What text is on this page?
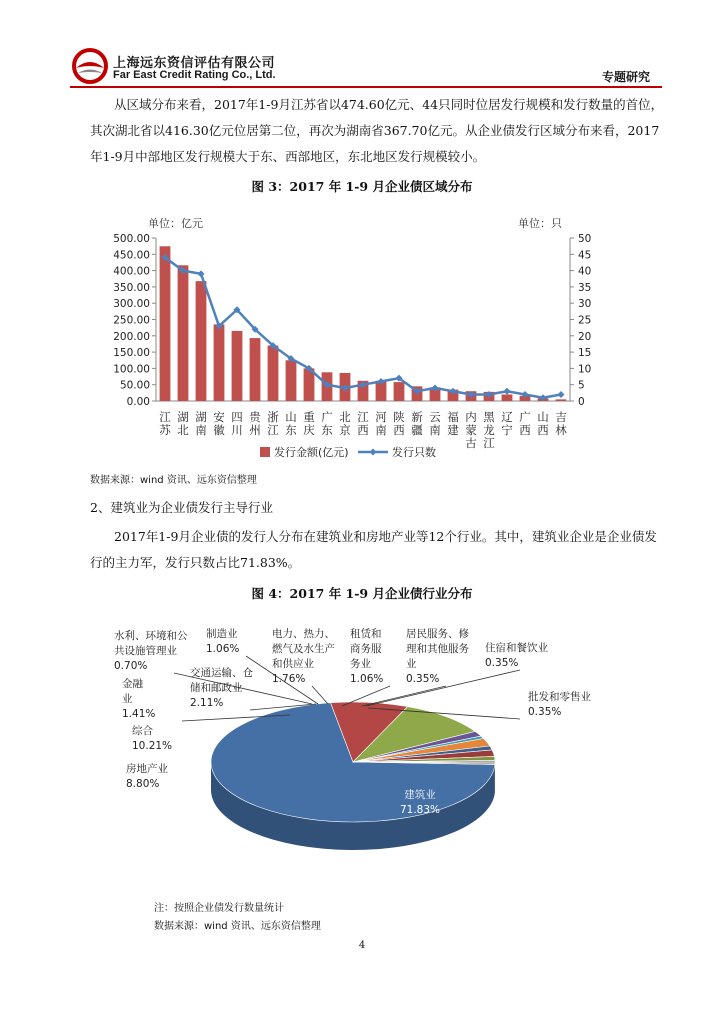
上海远东资信评估有限公司
Far East Credit Rating Co., Ltd.	专题研究

从区域分布来看，2017年1-9月江苏省以474.60亿元、44只同时位居发行规模和发行数量的首位，其次湖北省以416.30亿元位居第二位，再次为湖南省367.70亿元。从企业债发行区域分布来看，2017年1-9月中部地区发行规模大于东、西部地区，东北地区发行规模较小。

图 3：2017 年 1-9 月企业债区域分布
单位：亿元	单位：只
500.00
450.00
400.00
350.00
300.00
250.00
200.00
150.00
100.00
50.00
0.00
50
45
40
35
30
25
20
15
10
5
0
江
苏
湖
北
湖
南
安
徽
四
川
贵
州
浙
江
山
东
重
庆
广
东
北
京
江
西
河
南
陕
西
新
疆
云
南
福
建
内
蒙
古
黑
龙
江
辽
宁
广
西
山
西
吉
林
发行金额(亿元)	发行只数
数据来源：wind 资讯、远东资信整理
2、建筑业为企业债发行主导行业

2017年1-9月企业债的发行人分布在建筑业和房地产业等12个行业。其中，建筑业企业是企业债发行的主力军，发行只数占比71.83%。

图 4：2017 年 1-9 月企业债行业分布
建筑业
71.83%
房地产业
8.80%
综合
10.21%
金融
业
1.41%
水利、环境和公
共设施管理业
0.70%
交通运输、仓
储和邮政业
2.11%
制造业
1.06%
电力、热力、
燃气及水生产
和供应业
1.76%
租赁和
商务服
务业
1.06%
居民服务、修
理和其他服务
业
0.35%
住宿和餐饮业
0.35%
批发和零售业
0.35%
注：按照企业债发行数量统计
数据来源：wind 资讯、远东资信整理
4
